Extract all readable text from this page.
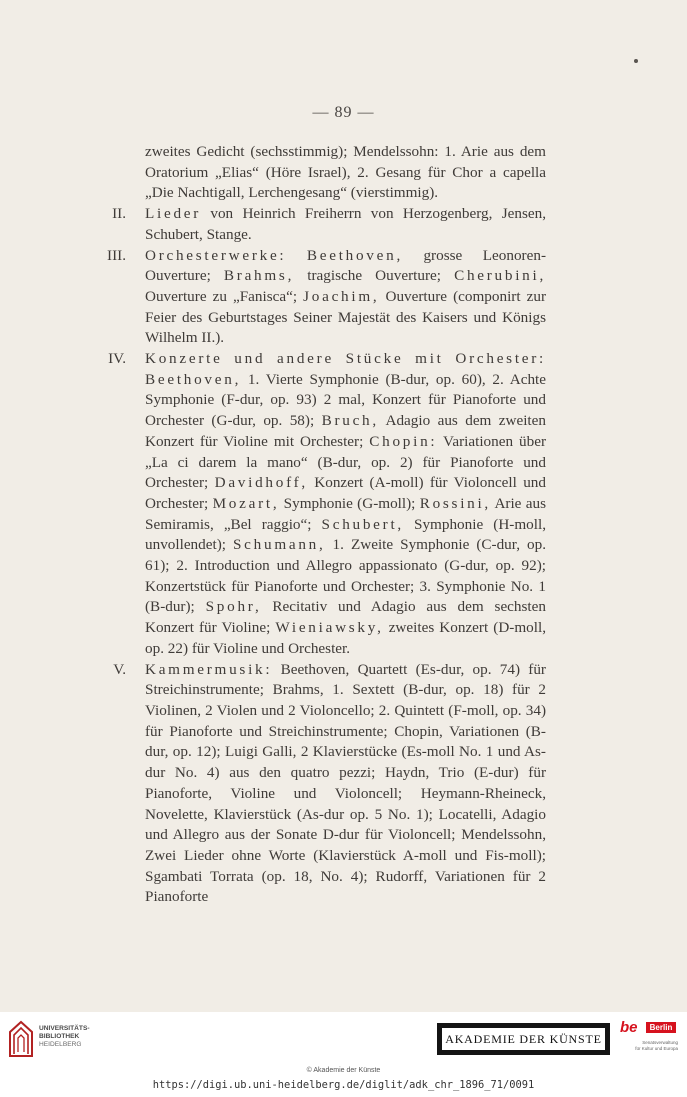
— 89 —

zweites Gedicht (sechsstimmig); Mendelssohn: 1. Arie aus dem Oratorium „Elias“ (Höre Israel), 2. Gesang für Chor a capella „Die Nachtigall, Lerchengesang“ (vierstimmig).

II. Lieder von Heinrich Freiherrn von Herzogenberg, Jensen, Schubert, Stange.

III. Orchesterwerke: Beethoven, grosse Leonoren-Ouverture; Brahms, tragische Ouverture; Cherubini, Ouverture zu „Fanisca“; Joachim, Ouverture (componirt zur Feier des Geburtstages Seiner Majestät des Kaisers und Königs Wilhelm II.).

IV. Konzerte und andere Stücke mit Orchester: Beethoven, 1. Vierte Symphonie (B-dur, op. 60), 2. Achte Symphonie (F-dur, op. 93) 2 mal, Konzert für Pianoforte und Orchester (G-dur, op. 58); Bruch, Adagio aus dem zweiten Konzert für Violine mit Orchester; Chopin: Variationen über „La ci darem la mano“ (B-dur, op. 2) für Pianoforte und Orchester; Davidhoff, Konzert (A-moll) für Violoncell und Orchester; Mozart, Symphonie (G-moll); Rossini, Arie aus Semiramis, „Bel raggio“; Schubert, Symphonie (H-moll, unvollendet); Schumann, 1. Zweite Symphonie (C-dur, op. 61); 2. Introduction und Allegro appassionato (G-dur, op. 92); Konzertstück für Pianoforte und Orchester; 3. Symphonie No. 1 (B-dur); Spohr, Recitativ und Adagio aus dem sechsten Konzert für Violine; Wieniawsky, zweites Konzert (D-moll, op. 22) für Violine und Orchester.

V. Kammermusik: Beethoven, Quartett (Es-dur, op. 74) für Streichinstrumente; Brahms, 1. Sextett (B-dur, op. 18) für 2 Violinen, 2 Violen und 2 Violoncello; 2. Quintett (F-moll, op. 34) für Pianoforte und Streichinstrumente; Chopin, Variationen (B-dur, op. 12); Luigi Galli, 2 Klavierstücke (Es-moll No. 1 und As-dur No. 4) aus den quatro pezzi; Haydn, Trio (E-dur) für Pianoforte, Violine und Violoncell; Heymann-Rheineck, Novelette, Klavierstück (As-dur op. 5 No. 1); Locatelli, Adagio und Allegro aus der Sonate D-dur für Violoncell; Mendelssohn, Zwei Lieder ohne Worte (Klavierstück A-moll und Fis-moll); Sgambati Torrata (op. 18, No. 4); Rudorff, Variationen für 2 Pianoforte

UNIVERSITÄTS-
BIBLIOTHEK
HEIDELBERG	AKADEMIE DER KÜNSTE
be	Berlin
Senatsverwaltung
für Kultur und Europa
© Akademie der Künste
https://digi.ub.uni-heidelberg.de/diglit/adk_chr_1896_71/0091
